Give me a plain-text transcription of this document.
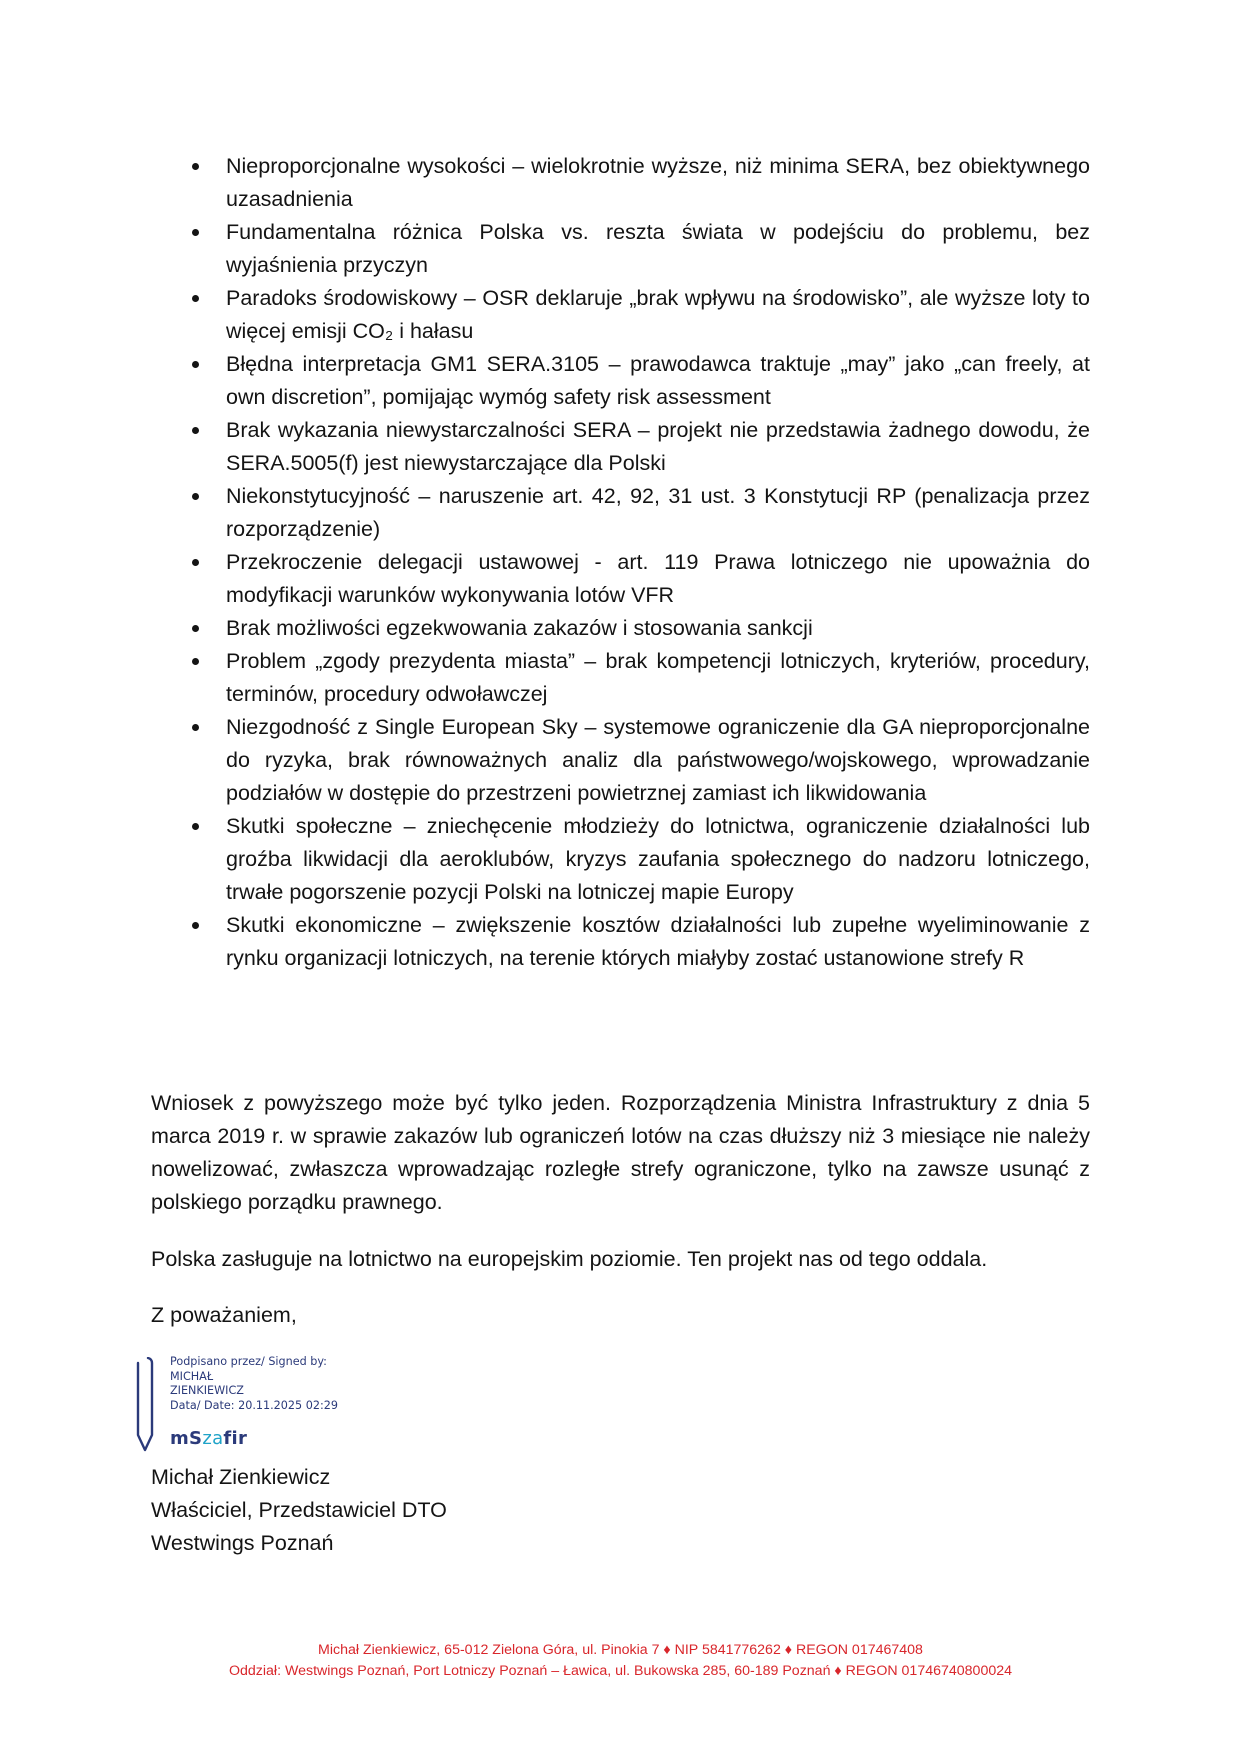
Nieproporcjonalne wysokości – wielokrotnie wyższe, niż minima SERA, bez obiektywnego uzasadnienia
Fundamentalna różnica Polska vs. reszta świata w podejściu do problemu, bez wyjaśnienia przyczyn
Paradoks środowiskowy – OSR deklaruje „brak wpływu na środowisko”, ale wyższe loty to więcej emisji CO₂ i hałasu
Błędna interpretacja GM1 SERA.3105 – prawodawca traktuje „may” jako „can freely, at own discretion”, pomijając wymóg safety risk assessment
Brak wykazania niewystarczalności SERA – projekt nie przedstawia żadnego dowodu, że SERA.5005(f) jest niewystarczające dla Polski
Niekonstytucyjność – naruszenie art. 42, 92, 31 ust. 3 Konstytucji RP (penalizacja przez rozporządzenie)
Przekroczenie delegacji ustawowej - art. 119 Prawa lotniczego nie upoważnia do modyfikacji warunków wykonywania lotów VFR
Brak możliwości egzekwowania zakazów i stosowania sankcji
Problem „zgody prezydenta miasta” – brak kompetencji lotniczych, kryteriów, procedury, terminów, procedury odwoławczej
Niezgodność z Single European Sky – systemowe ograniczenie dla GA nieproporcjonalne do ryzyka, brak równoważnych analiz dla państwowego/wojskowego, wprowadzanie podziałów w dostępie do przestrzeni powietrznej zamiast ich likwidowania
Skutki społeczne – zniechęcenie młodzieży do lotnictwa, ograniczenie działalności lub groźba likwidacji dla aeroklubów, kryzys zaufania społecznego do nadzoru lotniczego, trwałe pogorszenie pozycji Polski na lotniczej mapie Europy
Skutki ekonomiczne – zwiększenie kosztów działalności lub zupełne wyeliminowanie z rynku organizacji lotniczych, na terenie których miałyby zostać ustanowione strefy R

Wniosek z powyższego może być tylko jeden. Rozporządzenia Ministra Infrastruktury z dnia 5 marca 2019 r. w sprawie zakazów lub ograniczeń lotów na czas dłuższy niż 3 miesiące nie należy nowelizować, zwłaszcza wprowadzając rozległe strefy ograniczone, tylko na zawsze usunąć z polskiego porządku prawnego.

Polska zasługuje na lotnictwo na europejskim poziomie. Ten projekt nas od tego oddala.

Z poważaniem,

Podpisano przez/ Signed by:
MICHAŁ
ZIENKIEWICZ
Data/ Date: 20.11.2025 02:29
mSzafir
Michał Zienkiewicz
Właściciel, Przedstawiciel DTO
Westwings Poznań
Michał Zienkiewicz, 65-012 Zielona Góra, ul. Pinokia 7 ♦ NIP 5841776262 ♦ REGON 017467408
Oddział: Westwings Poznań, Port Lotniczy Poznań – Ławica, ul. Bukowska 285, 60-189 Poznań ♦ REGON 01746740800024
